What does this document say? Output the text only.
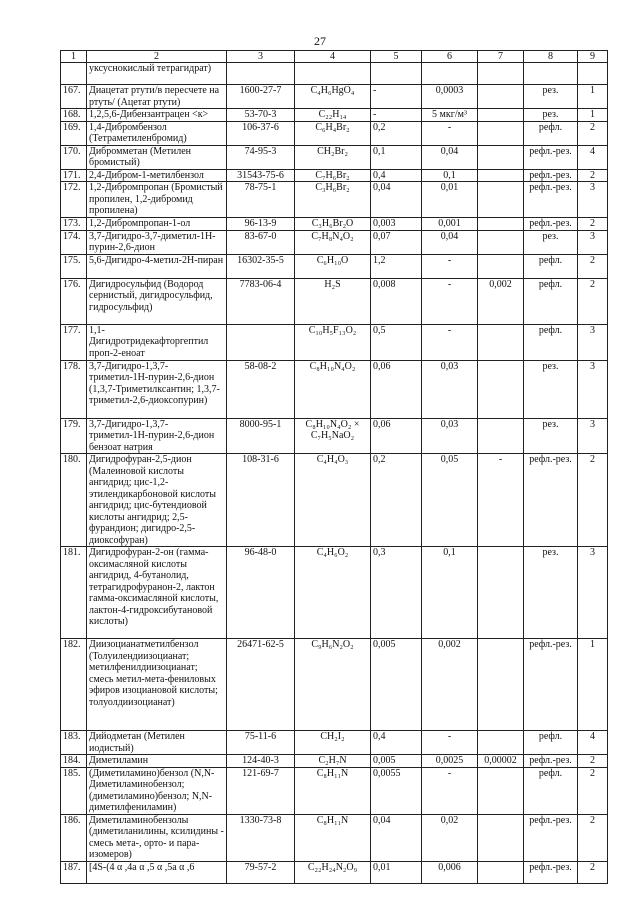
27
1	2	3	4	5	6	7	8	9
	уксуснокислый тетрагидрат)							
167.	Диацетат ртути/в пересчете на ртуть/ (Ацетат ртути)	1600-27-7	C₄H₆HgO₄	-	0,0003		рез.	1
168.	1,2,5,6-Дибензантрацен <к>	53-70-3	C₂₂H₁₄	-	5 мкг/м³		рез.	1
169.	1,4-Дибромбензол (Тетраметиленбромид)	106-37-6	C₆H₄Br₂	0,2	-		рефл.	2
170.	Дибромметан (Метилен бромистый)	74-95-3	CH₂Br₂	0,1	0,04		рефл.-рез.	4
171.	2,4-Дибром-1-метилбензол	31543-75-6	C₇H₆Br₂	0,4	0,1		рефл.-рез.	2
172.	1,2-Дибромпропан (Бромистый пропилен, 1,2-дибромид пропилена)	78-75-1	C₃H₆Br₂	0,04	0,01		рефл.-рез.	3
173.	1,2-Дибромпропан-1-ол	96-13-9	C₃H₆Br₂O	0,003	0,001		рефл.-рез.	2
174.	3,7-Дигидро-3,7-диметил-1Н-пурин-2,6-дион	83-67-0	C₇H₈N₄O₂	0,07	0,04		рез.	3
175.	5,6-Дигидро-4-метил-2Н-пиран	16302-35-5	C₆H₁₀O	1,2	-		рефл.	2
176.	Дигидросульфид (Водород сернистый, дигидросульфид, гидросульфид)	7783-06-4	H₂S	0,008	-	0,002	рефл.	2
177.	1,1-Дигидротридекафторгептил проп-2-еноат		C₁₀H₅F₁₃O₂	0,5	-		рефл.	3
178.	3,7-Дигидро-1,3,7-триметил-1Н-пурин-2,6-дион (1,3,7-Триметилксантин; 1,3,7-триметил-2,6-диоксопурин)	58-08-2	C₈H₁₀N₄O₂	0,06	0,03		рез.	3
179.	3,7-Дигидро-1,3,7-триметил-1Н-пурин-2,6-дион бензоат натрия	8000-95-1	C₈H₁₀N₄O₂ × C₇H₅NaO₂	0,06	0,03		рез.	3
180.	Дигидрофуран-2,5-дион (Малеиновой кислоты ангидрид; цис-1,2-этилендикарбоновой кислоты ангидрид; цис-бутендиовой кислоты ангидрид; 2,5-фурандион; дигидро-2,5-диоксофуран)	108-31-6	C₄H₄O₃	0,2	0,05	-	рефл.-рез.	2
181.	Дигидрофуран-2-он (гамма-оксимасляной кислоты ангидрид, 4-бутанолид, тетрагидрофуранон-2, лактон гамма-оксимасляной кислоты, лактон-4-гидроксибутановой кислоты)	96-48-0	C₄H₆O₂	0,3	0,1		рез.	3
182.	Диизоцианатметилбензол (Толуилендиизоцианат; метилфенилдиизоцианат; смесь метил-мета-фениловых эфиров изоциановой кислоты; толуолдиизоцианат)	26471-62-5	C₉H₆N₂O₂	0,005	0,002		рефл.-рез.	1
183.	Дийодметан (Метилен иодистый)	75-11-6	CH₂I₂	0,4	-		рефл.	4
184.	Диметиламин	124-40-3	C₂H₇N	0,005	0,0025	0,00002	рефл.-рез.	2
185.	(Диметиламино)бензол (N,N-Диметиламинобензол; (диметиламино)бензол; N,N-диметилфениламин)	121-69-7	C₈H₁₁N	0,0055	-		рефл.	2
186.	Диметиламинобензолы (диметиланилины, ксилидины - смесь мета-, орто- и пара-изомеров)	1330-73-8	C₈H₁₁N	0,04	0,02		рефл.-рез.	2
187.	[4S-(4 α ,4a α ,5 α ,5a α ,6	79-57-2	C₂₂H₂₄N₂O₉	0,01	0,006		рефл.-рез.	2
